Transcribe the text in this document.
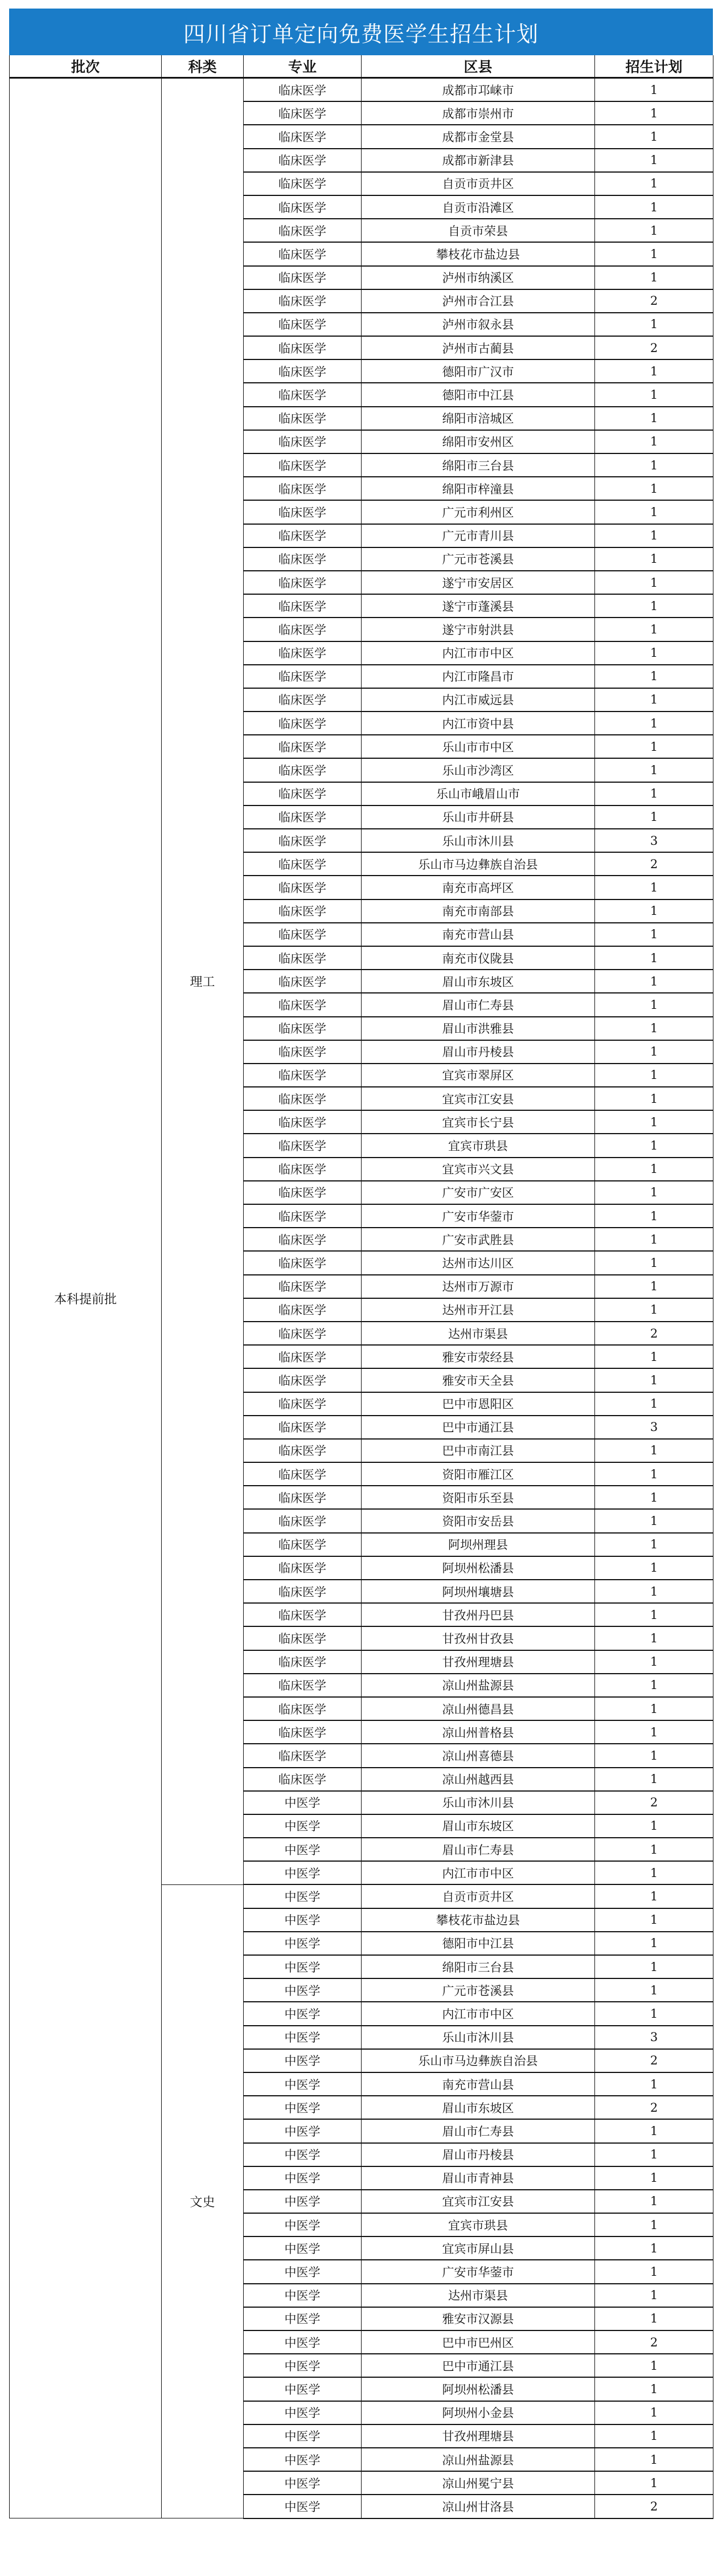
四川省订单定向免费医学生招生计划
批次	科类	专业	区县	招生计划
本科提前批	理工	临床医学	成都市邛崃市	1
		临床医学	成都市崇州市	1
		临床医学	成都市金堂县	1
		临床医学	成都市新津县	1
		临床医学	自贡市贡井区	1
		临床医学	自贡市沿滩区	1
		临床医学	自贡市荣县	1
		临床医学	攀枝花市盐边县	1
		临床医学	泸州市纳溪区	1
		临床医学	泸州市合江县	2
		临床医学	泸州市叙永县	1
		临床医学	泸州市古蔺县	2
		临床医学	德阳市广汉市	1
		临床医学	德阳市中江县	1
		临床医学	绵阳市涪城区	1
		临床医学	绵阳市安州区	1
		临床医学	绵阳市三台县	1
		临床医学	绵阳市梓潼县	1
		临床医学	广元市利州区	1
		临床医学	广元市青川县	1
		临床医学	广元市苍溪县	1
		临床医学	遂宁市安居区	1
		临床医学	遂宁市蓬溪县	1
		临床医学	遂宁市射洪县	1
		临床医学	内江市市中区	1
		临床医学	内江市隆昌市	1
		临床医学	内江市威远县	1
		临床医学	内江市资中县	1
		临床医学	乐山市市中区	1
		临床医学	乐山市沙湾区	1
		临床医学	乐山市峨眉山市	1
		临床医学	乐山市井研县	1
		临床医学	乐山市沐川县	3
		临床医学	乐山市马边彝族自治县	2
		临床医学	南充市高坪区	1
		临床医学	南充市南部县	1
		临床医学	南充市营山县	1
		临床医学	南充市仪陇县	1
		临床医学	眉山市东坡区	1
		临床医学	眉山市仁寿县	1
		临床医学	眉山市洪雅县	1
		临床医学	眉山市丹棱县	1
		临床医学	宜宾市翠屏区	1
		临床医学	宜宾市江安县	1
		临床医学	宜宾市长宁县	1
		临床医学	宜宾市珙县	1
		临床医学	宜宾市兴文县	1
		临床医学	广安市广安区	1
		临床医学	广安市华蓥市	1
		临床医学	广安市武胜县	1
		临床医学	达州市达川区	1
		临床医学	达州市万源市	1
		临床医学	达州市开江县	1
		临床医学	达州市渠县	2
		临床医学	雅安市荥经县	1
		临床医学	雅安市天全县	1
		临床医学	巴中市恩阳区	1
		临床医学	巴中市通江县	3
		临床医学	巴中市南江县	1
		临床医学	资阳市雁江区	1
		临床医学	资阳市乐至县	1
		临床医学	资阳市安岳县	1
		临床医学	阿坝州理县	1
		临床医学	阿坝州松潘县	1
		临床医学	阿坝州壤塘县	1
		临床医学	甘孜州丹巴县	1
		临床医学	甘孜州甘孜县	1
		临床医学	甘孜州理塘县	1
		临床医学	凉山州盐源县	1
		临床医学	凉山州德昌县	1
		临床医学	凉山州普格县	1
		临床医学	凉山州喜德县	1
		临床医学	凉山州越西县	1
		中医学	乐山市沐川县	2
		中医学	眉山市东坡区	1
		中医学	眉山市仁寿县	1
		中医学	内江市市中区	1
	文史	中医学	自贡市贡井区	1
		中医学	攀枝花市盐边县	1
		中医学	德阳市中江县	1
		中医学	绵阳市三台县	1
		中医学	广元市苍溪县	1
		中医学	内江市市中区	1
		中医学	乐山市沐川县	3
		中医学	乐山市马边彝族自治县	2
		中医学	南充市营山县	1
		中医学	眉山市东坡区	2
		中医学	眉山市仁寿县	1
		中医学	眉山市丹棱县	1
		中医学	眉山市青神县	1
		中医学	宜宾市江安县	1
		中医学	宜宾市珙县	1
		中医学	宜宾市屏山县	1
		中医学	广安市华蓥市	1
		中医学	达州市渠县	1
		中医学	雅安市汉源县	1
		中医学	巴中市巴州区	2
		中医学	巴中市通江县	1
		中医学	阿坝州松潘县	1
		中医学	阿坝州小金县	1
		中医学	甘孜州理塘县	1
		中医学	凉山州盐源县	1
		中医学	凉山州冕宁县	1
		中医学	凉山州甘洛县	2
